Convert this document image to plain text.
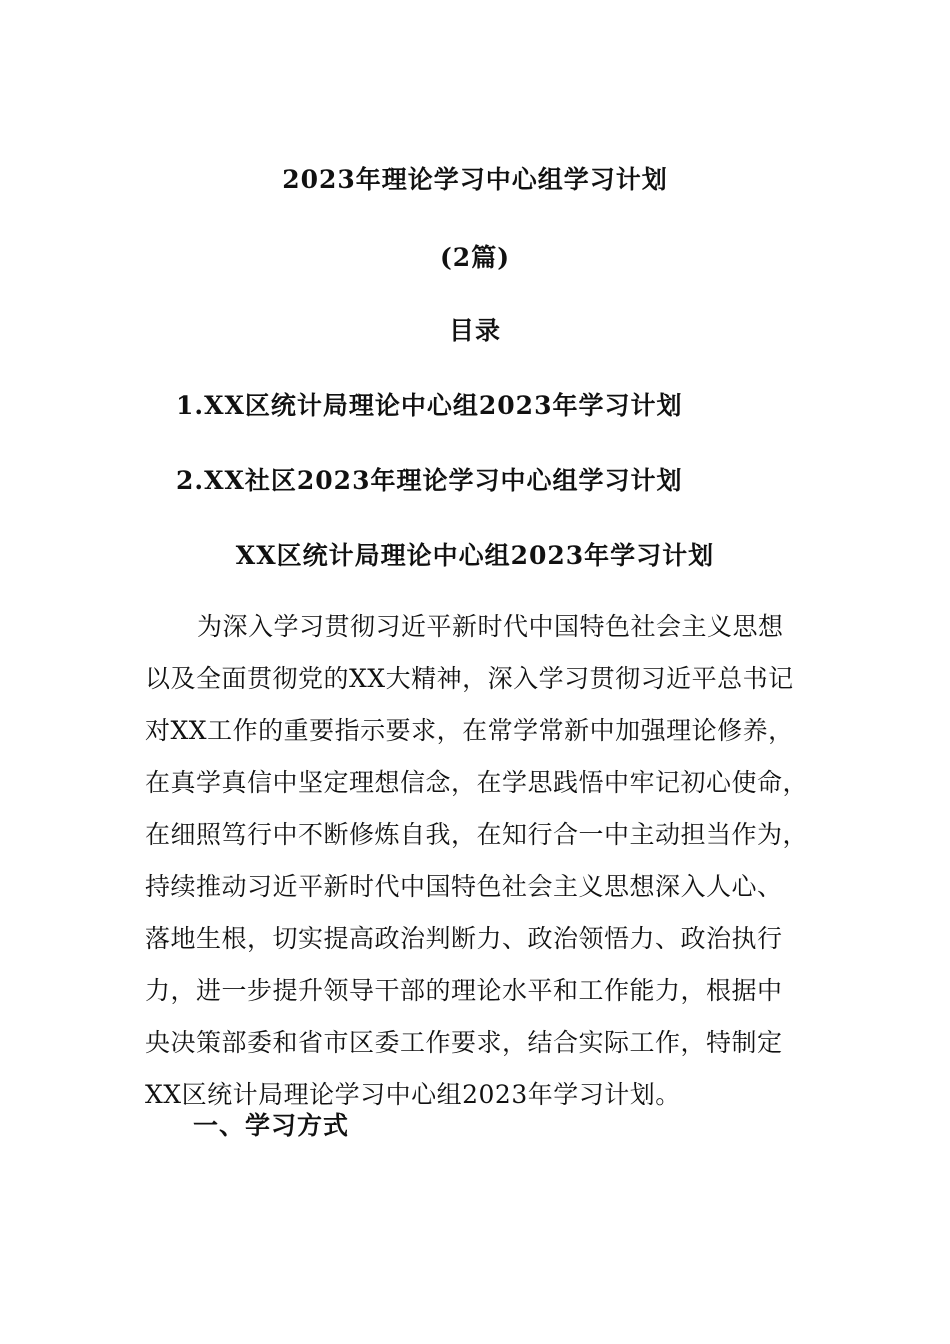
2023年理论学习中心组学习计划
(2篇)
目录
1.XX区统计局理论中心组2023年学习计划
2.XX社区2023年理论学习中心组学习计划
XX区统计局理论中心组2023年学习计划
为深入学习贯彻习近平新时代中国特色社会主义思想
以及全面贯彻党的XX大精神，深入学习贯彻习近平总书记
对XX工作的重要指示要求，在常学常新中加强理论修养，
在真学真信中坚定理想信念，在学思践悟中牢记初心使命，
在细照笃行中不断修炼自我，在知行合一中主动担当作为，
持续推动习近平新时代中国特色社会主义思想深入人心、
落地生根，切实提高政治判断力、政治领悟力、政治执行
力，进一步提升领导干部的理论水平和工作能力，根据中
央决策部委和省市区委工作要求，结合实际工作，特制定
XX区统计局理论学习中心组2023年学习计划。
一、学习方式
